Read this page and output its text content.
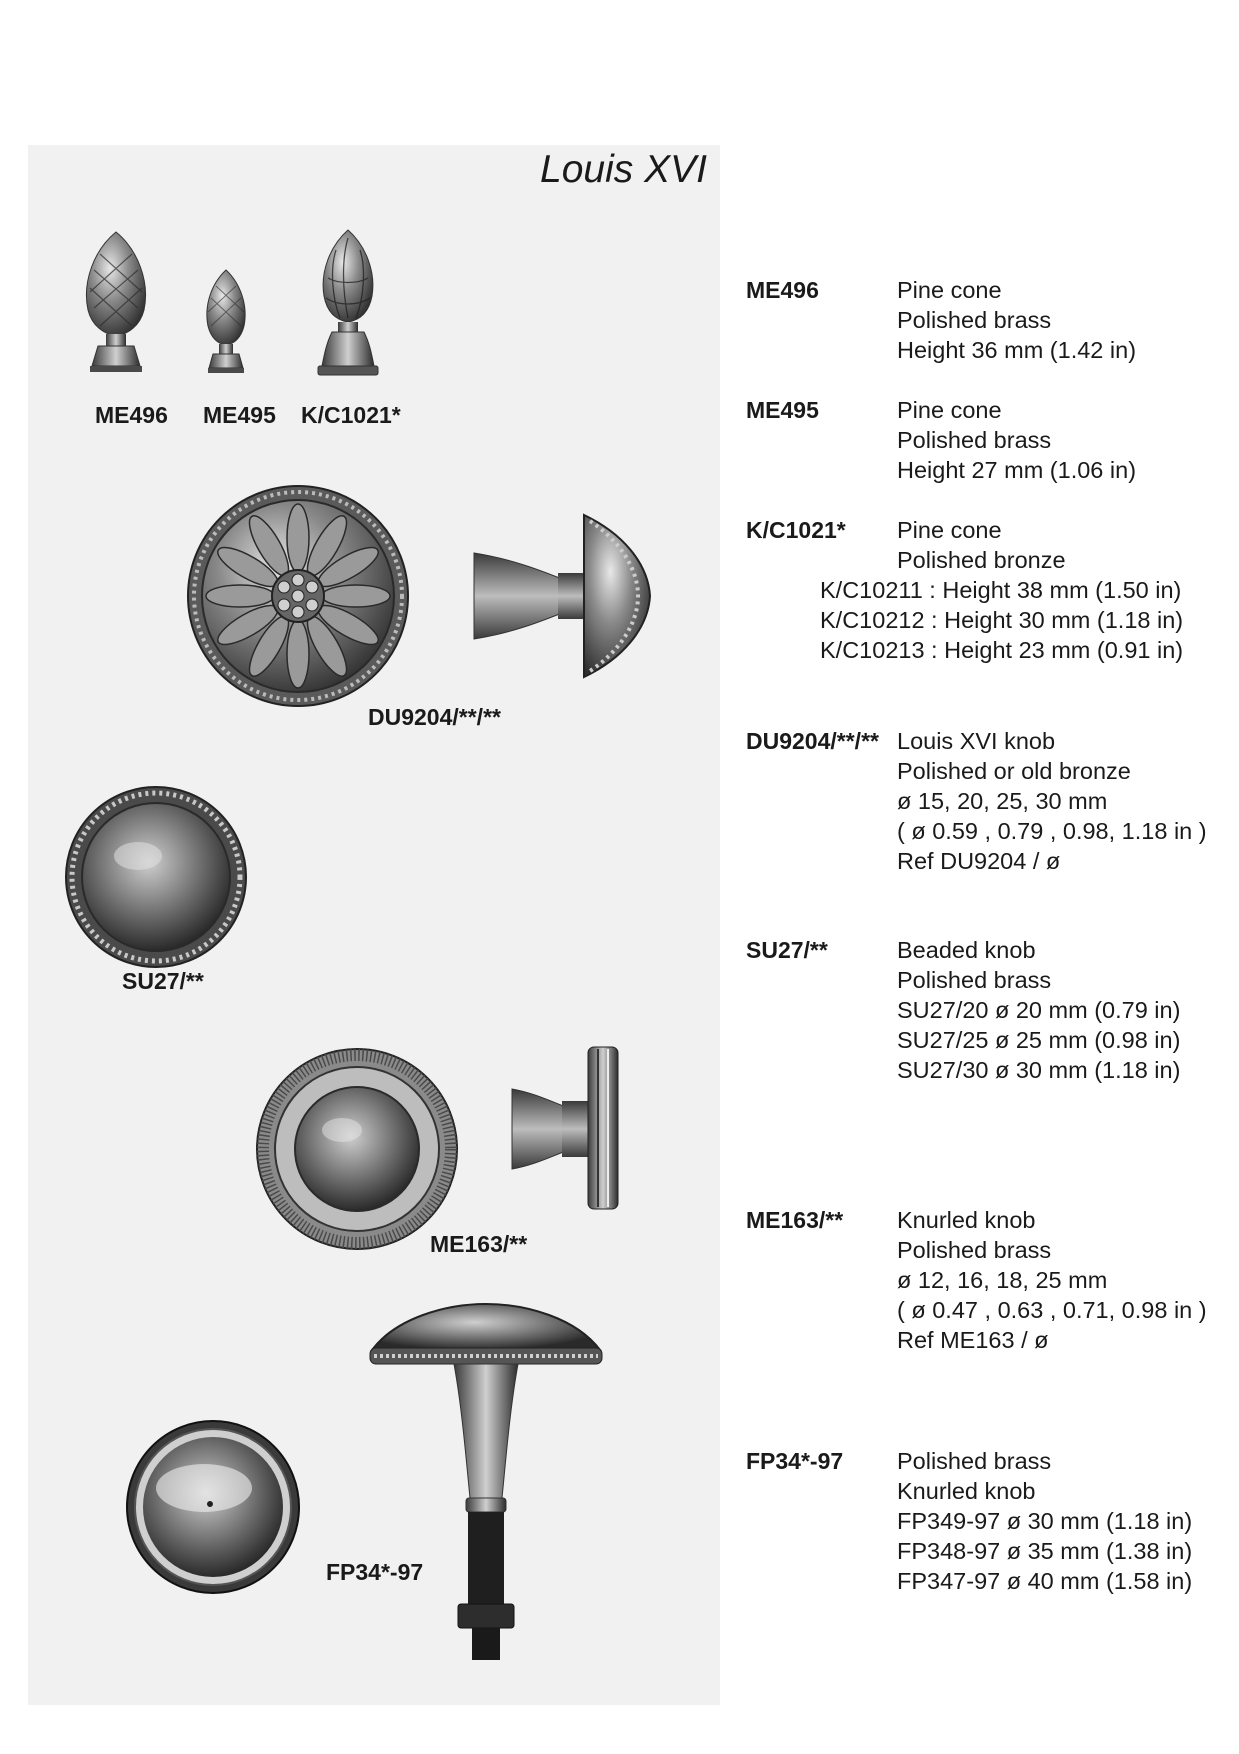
Louis XVI
ME496 ME495 K/C1021*
DU9204/**/**
SU27/**
ME163/**
FP34*-97
ME496	Pine cone
Polished brass
Height 36 mm (1.42 in)
ME495	Pine cone
Polished brass
Height 27 mm (1.06 in)
K/C1021* Pine cone
Polished bronze
K/C10211 : Height 38 mm (1.50 in)
K/C10212 : Height 30 mm (1.18 in)
K/C10213 : Height 23 mm (0.91 in)
DU9204/**/** Louis XVI knob
Polished or old bronze
ø 15, 20, 25, 30 mm
( ø 0.59 , 0.79 , 0.98, 1.18 in )
Ref DU9204 / ø
SU27/**	Beaded knob
Polished brass
SU27/20 ø 20 mm (0.79 in)
SU27/25 ø 25 mm (0.98 in)
SU27/30 ø 30 mm (1.18 in)
ME163/** Knurled knob
Polished brass
ø 12, 16, 18, 25 mm
( ø 0.47 , 0.63 , 0.71, 0.98 in )
Ref ME163 / ø
FP34*-97 Polished brass
Knurled knob
FP349-97 ø 30 mm (1.18 in)
FP348-97 ø 35 mm (1.38 in)
FP347-97 ø 40 mm (1.58 in)
